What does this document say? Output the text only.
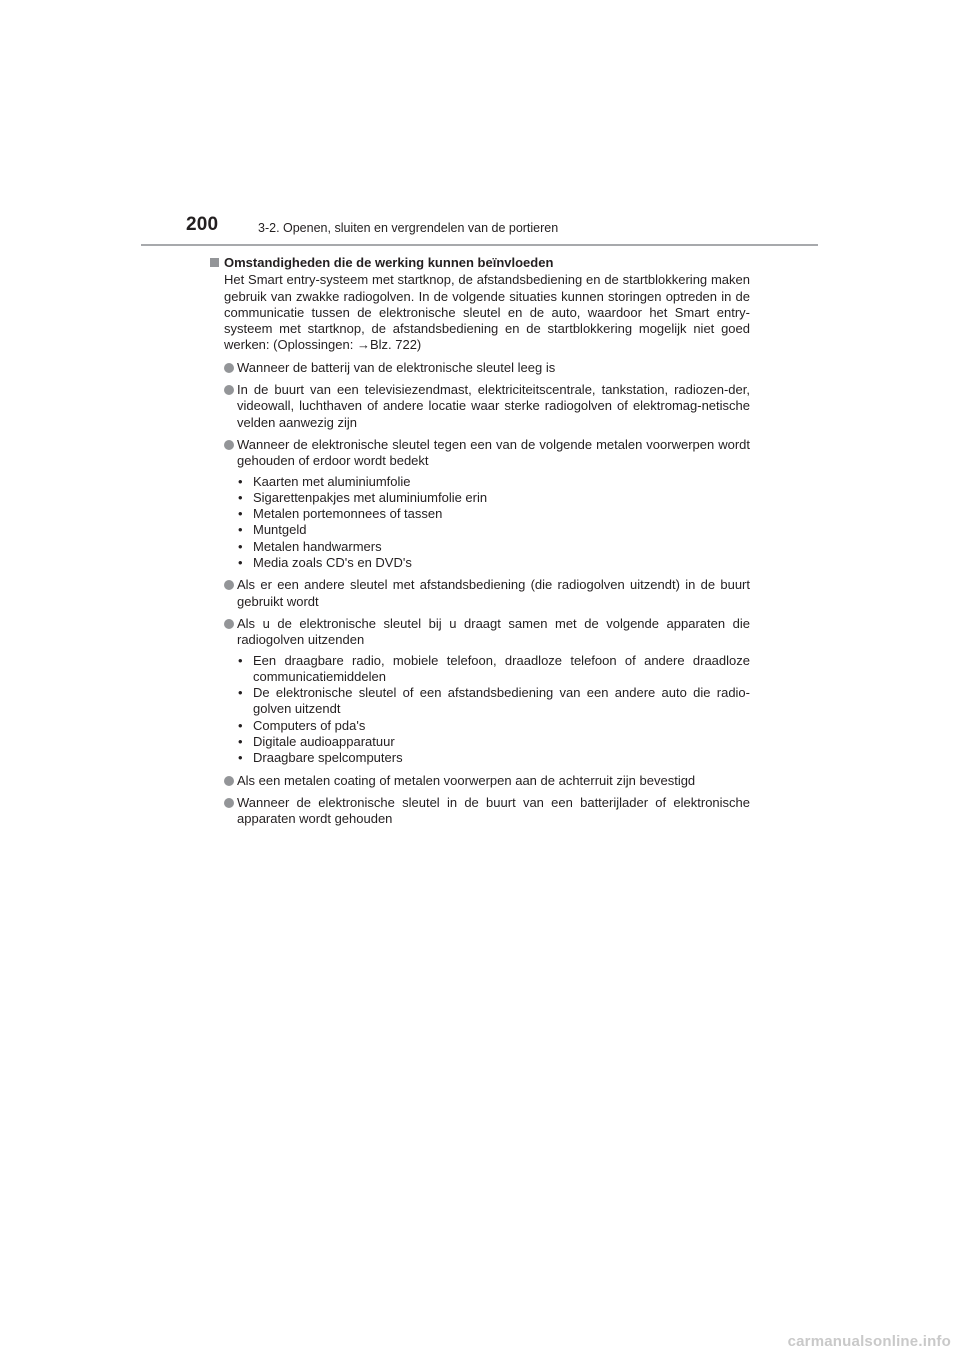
200	3-2. Openen, sluiten en vergrendelen van de portieren
Omstandigheden die de werking kunnen beïnvloeden
Het Smart entry-systeem met startknop, de afstandsbediening en de startblokkering maken gebruik van zwakke radiogolven. In de volgende situaties kunnen storingen optreden in de communicatie tussen de elektronische sleutel en de auto, waardoor het Smart entry-systeem met startknop, de afstandsbediening en de startblokkering mogelijk niet goed werken: (Oplossingen: →Blz. 722)
Wanneer de batterij van de elektronische sleutel leeg is
In de buurt van een televisiezendmast, elektriciteitscentrale, tankstation, radiozen-der, videowall, luchthaven of andere locatie waar sterke radiogolven of elektromag-netische velden aanwezig zijn
Wanneer de elektronische sleutel tegen een van de volgende metalen voorwerpen wordt gehouden of erdoor wordt bedekt
• Kaarten met aluminiumfolie
• Sigarettenpakjes met aluminiumfolie erin
• Metalen portemonnees of tassen
• Muntgeld
• Metalen handwarmers
• Media zoals CD's en DVD's
Als er een andere sleutel met afstandsbediening (die radiogolven uitzendt) in de buurt gebruikt wordt
Als u de elektronische sleutel bij u draagt samen met de volgende apparaten die radiogolven uitzenden
• Een draagbare radio, mobiele telefoon, draadloze telefoon of andere draadloze communicatiemiddelen
• De elektronische sleutel of een afstandsbediening van een andere auto die radio-golven uitzendt
• Computers of pda's
• Digitale audioapparatuur
• Draagbare spelcomputers
Als een metalen coating of metalen voorwerpen aan de achterruit zijn bevestigd
Wanneer de elektronische sleutel in de buurt van een batterijlader of elektronische apparaten wordt gehouden
carmanualsonline.info
